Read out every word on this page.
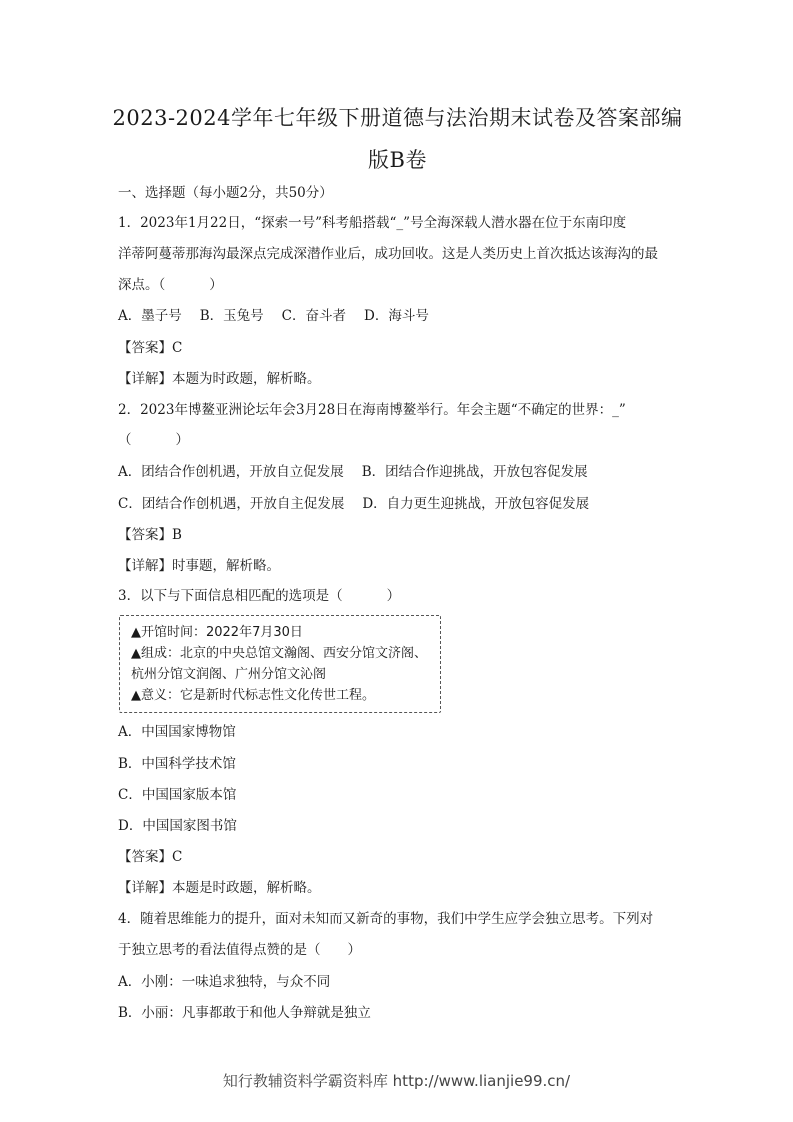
2023-2024学年七年级下册道德与法治期末试卷及答案部编
版B卷
一、选择题（每小题2分，共50分）
1．2023年1月22日，“探索一号”科考船搭载“_”号全海深载人潜水器在位于东南印度
洋蒂阿蔓蒂那海沟最深点完成深潜作业后，成功回收。这是人类历史上首次抵达该海沟的最
深点。（	）
A．墨子号 B．玉兔号 C．奋斗者 D．海斗号
【答案】C
【详解】本题为时政题，解析略。
2．2023年博鳌亚洲论坛年会3月28日在海南博鳌举行。年会主题“不确定的世界：_”
（	）
A．团结合作创机遇，开放自立促发展 B．团结合作迎挑战，开放包容促发展
C．团结合作创机遇，开放自主促发展 D．自力更生迎挑战，开放包容促发展
【答案】B
【详解】时事题，解析略。
3．以下与下面信息相匹配的选项是（	）
▲开馆时间：2022年7月30日
▲组成：北京的中央总馆文瀚阁、西安分馆文济阁、
杭州分馆文润阁、广州分馆文沁阁
▲意义：它是新时代标志性文化传世工程。
A．中国国家博物馆
B．中国科学技术馆
C．中国国家版本馆
D．中国国家图书馆
【答案】C
【详解】本题是时政题，解析略。
4．随着思维能力的提升，面对未知而又新奇的事物，我们中学生应学会独立思考。下列对
于独立思考的看法值得点赞的是（　　）
A．小刚：一味追求独特，与众不同
B．小丽：凡事都敢于和他人争辩就是独立
知行教辅资料学霸资料库 http://www.lianjie99.cn/
